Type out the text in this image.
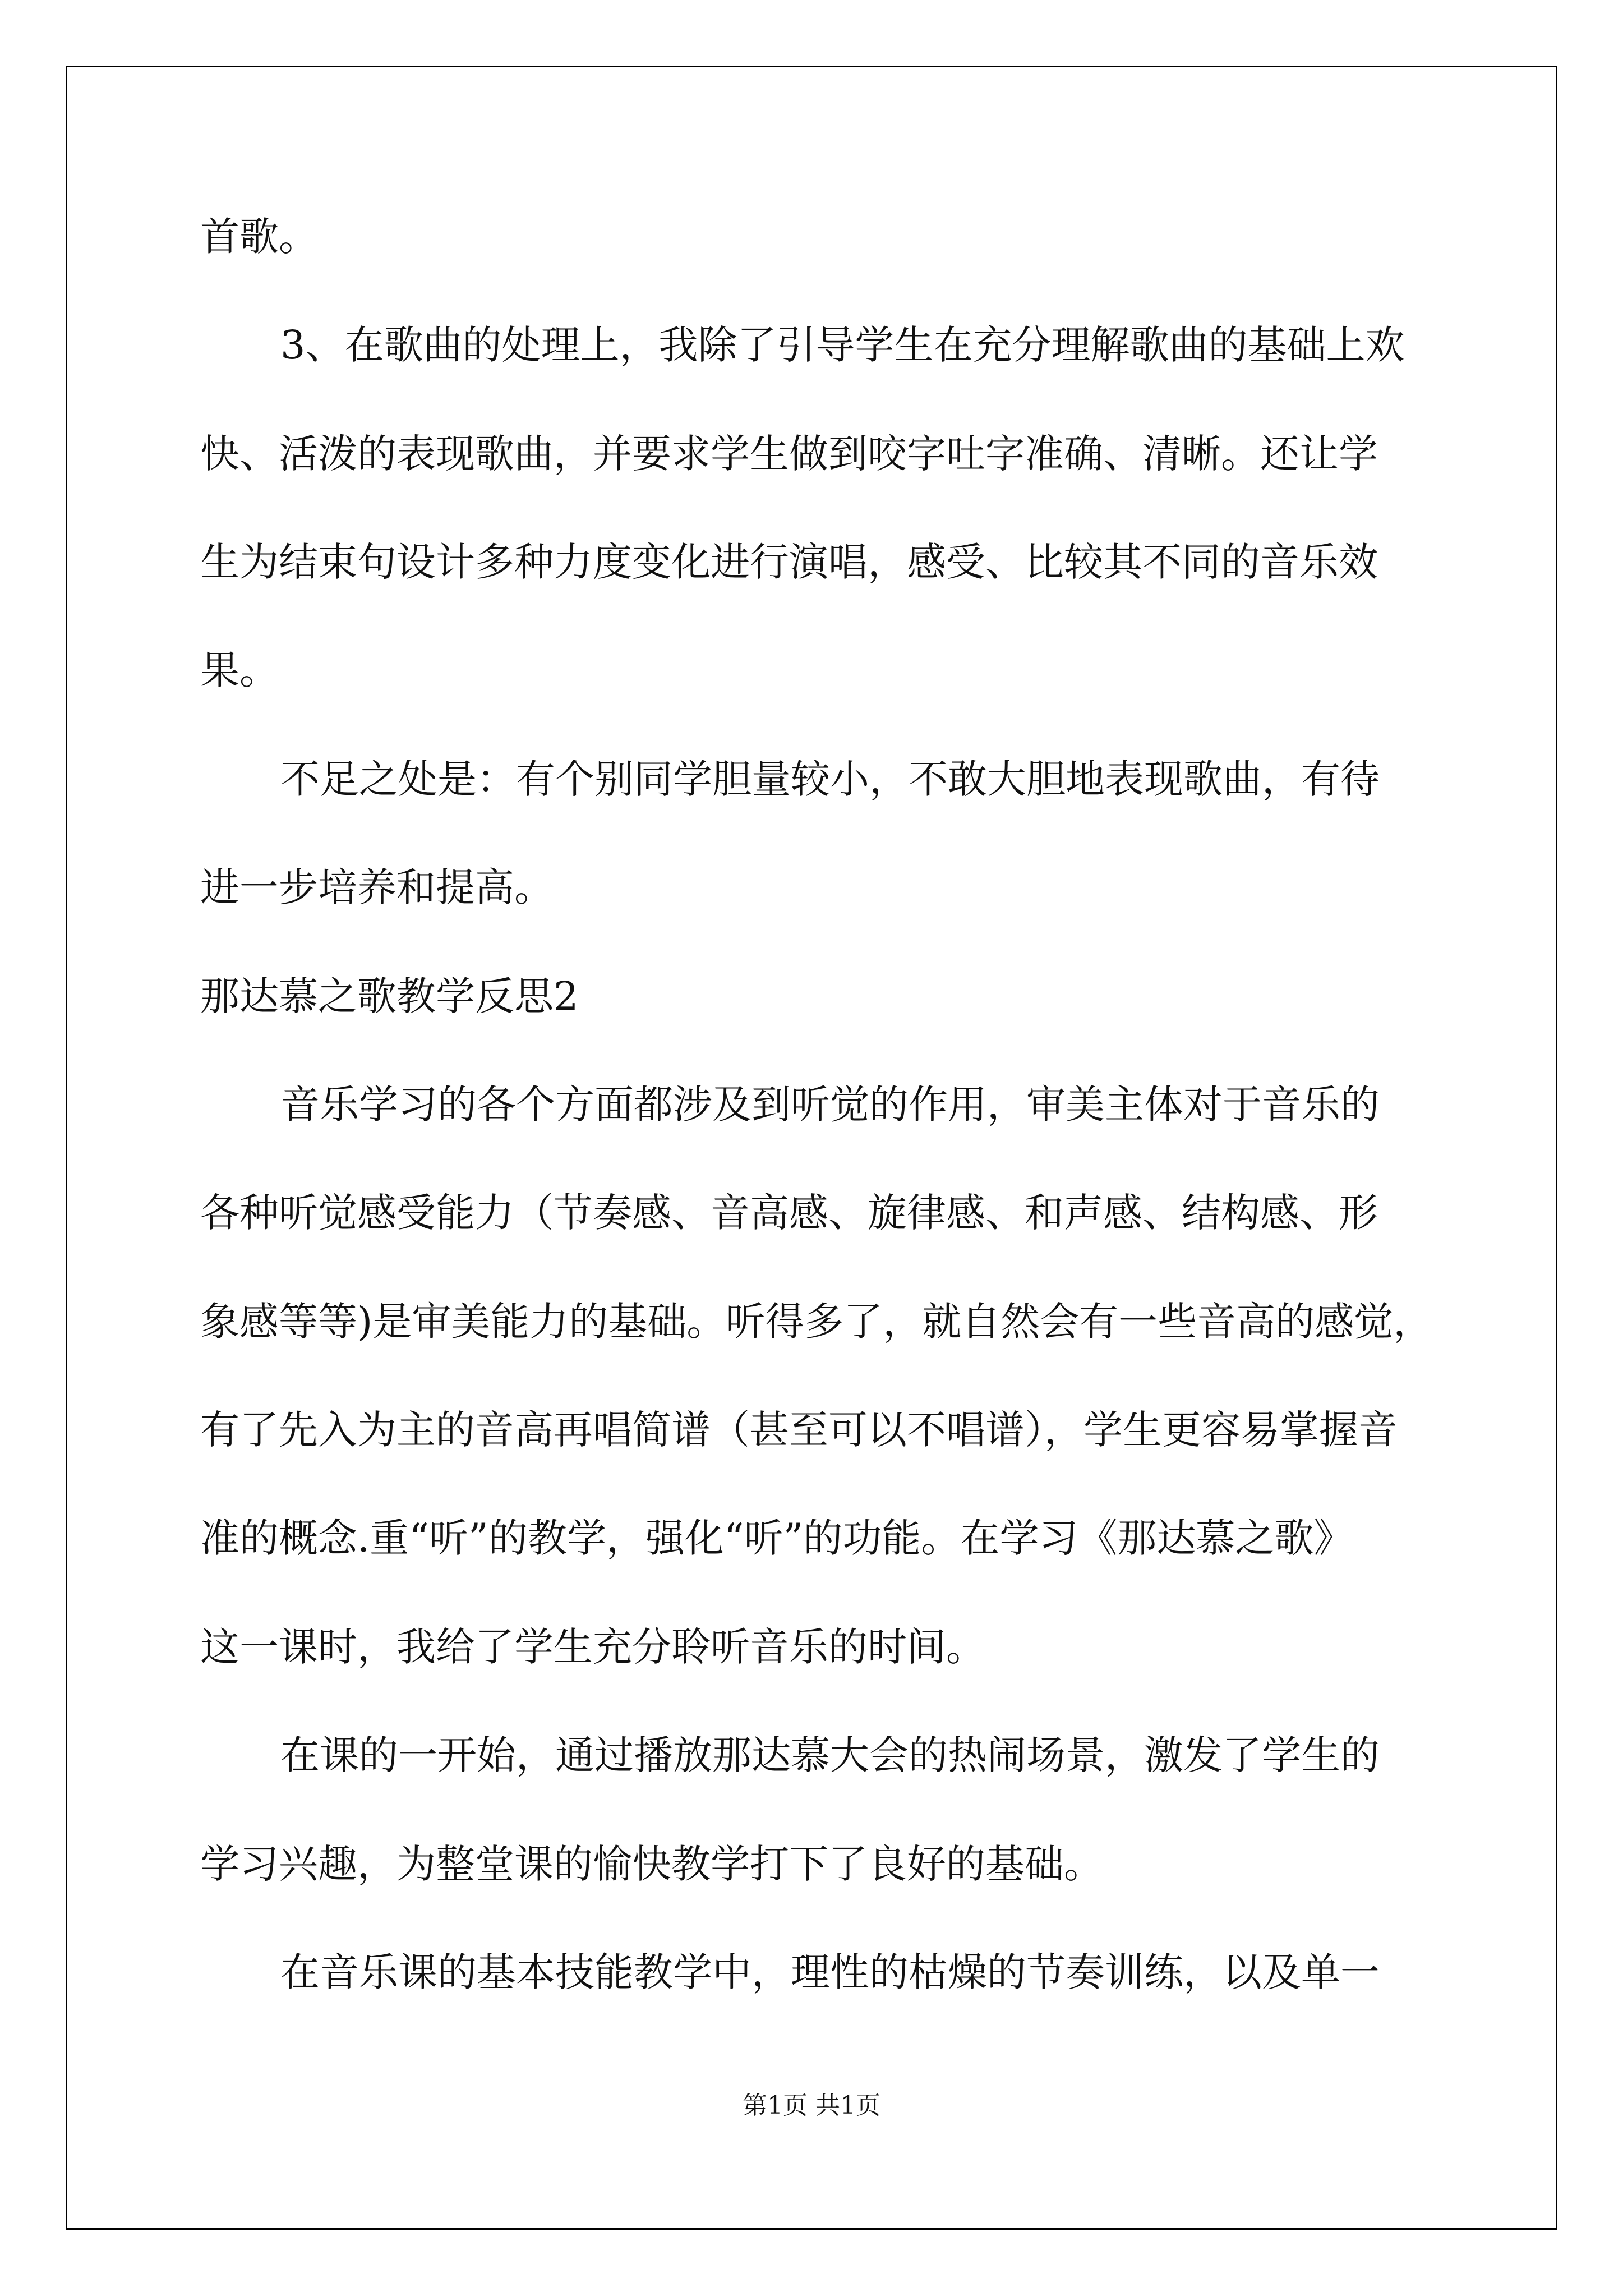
首歌。
3、在歌曲的处理上，我除了引导学生在充分理解歌曲的基础上欢
快、活泼的表现歌曲，并要求学生做到咬字吐字准确、清晰。还让学
生为结束句设计多种力度变化进行演唱，感受、比较其不同的音乐效
果。
不足之处是：有个别同学胆量较小，不敢大胆地表现歌曲，有待
进一步培养和提高。
那达慕之歌教学反思2
音乐学习的各个方面都涉及到听觉的作用，审美主体对于音乐的
各种听觉感受能力（节奏感、音高感、旋律感、和声感、结构感、形
象感等等)是审美能力的基础。听得多了，就自然会有一些音高的感觉，
有了先入为主的音高再唱简谱（甚至可以不唱谱），学生更容易掌握音
准的概念.重“听”的教学，强化“听”的功能。在学习《那达慕之歌》
这一课时，我给了学生充分聆听音乐的时间。
在课的一开始，通过播放那达慕大会的热闹场景，激发了学生的
学习兴趣，为整堂课的愉快教学打下了良好的基础。
在音乐课的基本技能教学中，理性的枯燥的节奏训练，以及单一
第1页 共1页
